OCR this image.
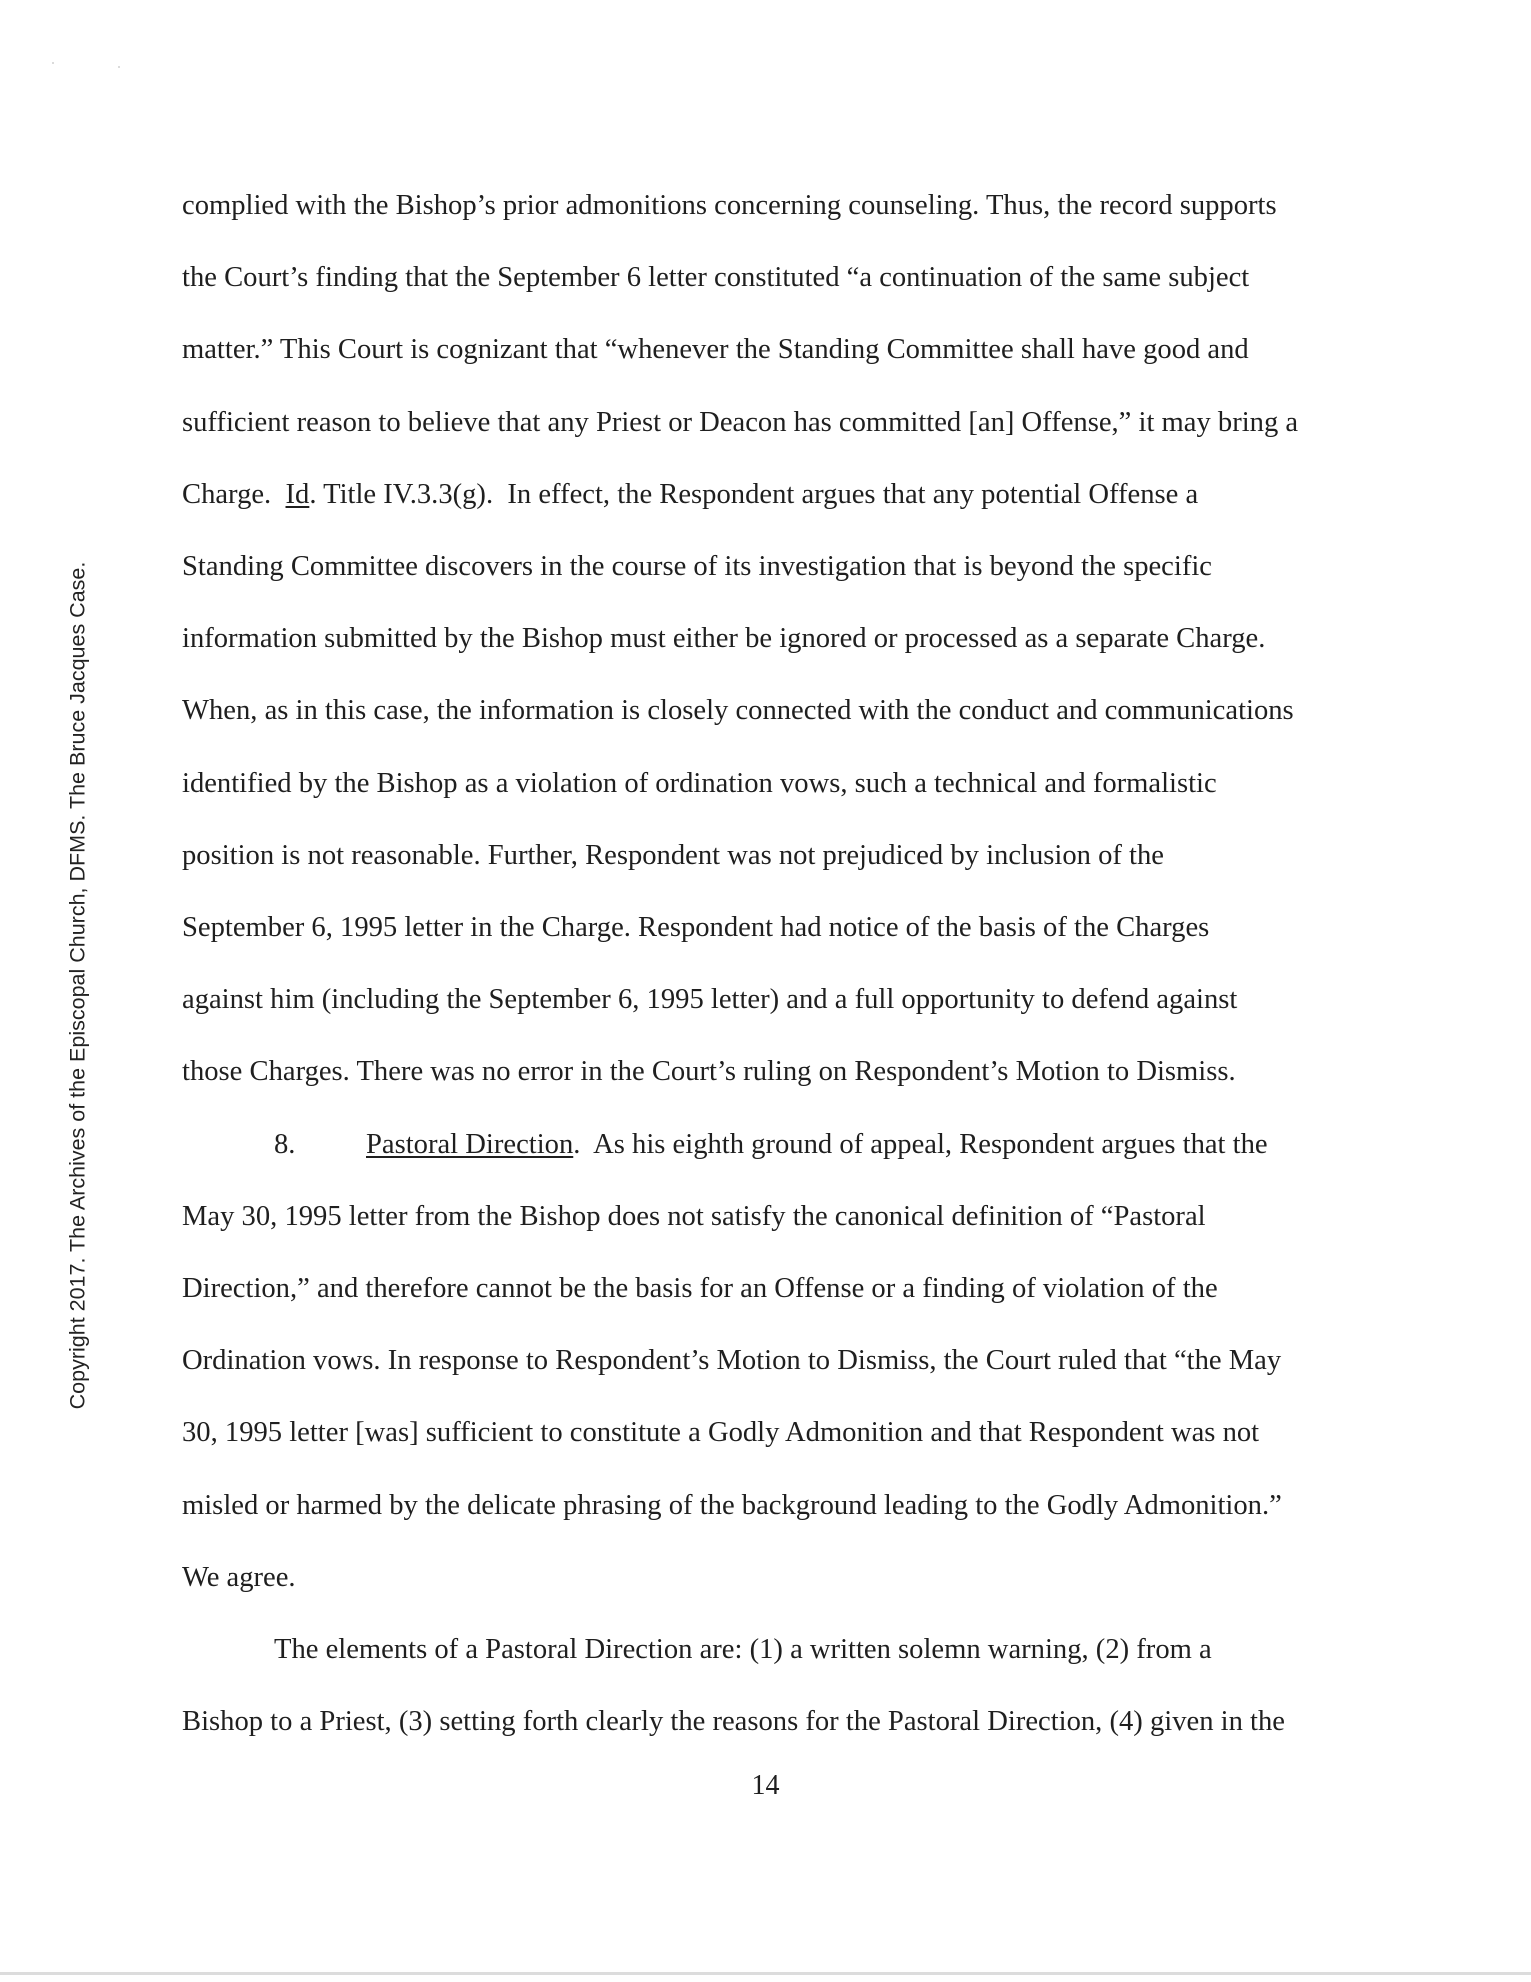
Copyright 2017. The Archives of the Episcopal Church, DFMS. The Bruce Jacques Case.

complied with the Bishop’s prior admonitions concerning counseling. Thus, the record supports
the Court’s finding that the September 6 letter constituted “a continuation of the same subject
matter.” This Court is cognizant that “whenever the Standing Committee shall have good and
sufficient reason to believe that any Priest or Deacon has committed [an] Offense,” it may bring a
Charge.  Id. Title IV.3.3(g).  In effect, the Respondent argues that any potential Offense a
Standing Committee discovers in the course of its investigation that is beyond the specific
information submitted by the Bishop must either be ignored or processed as a separate Charge.
When, as in this case, the information is closely connected with the conduct and communications
identified by the Bishop as a violation of ordination vows, such a technical and formalistic
position is not reasonable. Further, Respondent was not prejudiced by inclusion of the
September 6, 1995 letter in the Charge. Respondent had notice of the basis of the Charges
against him (including the September 6, 1995 letter) and a full opportunity to defend against
those Charges. There was no error in the Court’s ruling on Respondent’s Motion to Dismiss.

8. Pastoral Direction.  As his eighth ground of appeal, Respondent argues that the
May 30, 1995 letter from the Bishop does not satisfy the canonical definition of “Pastoral
Direction,” and therefore cannot be the basis for an Offense or a finding of violation of the
Ordination vows. In response to Respondent’s Motion to Dismiss, the Court ruled that “the May
30, 1995 letter [was] sufficient to constitute a Godly Admonition and that Respondent was not
misled or harmed by the delicate phrasing of the background leading to the Godly Admonition.”
We agree.

The elements of a Pastoral Direction are: (1) a written solemn warning, (2) from a
Bishop to a Priest, (3) setting forth clearly the reasons for the Pastoral Direction, (4) given in the

14
